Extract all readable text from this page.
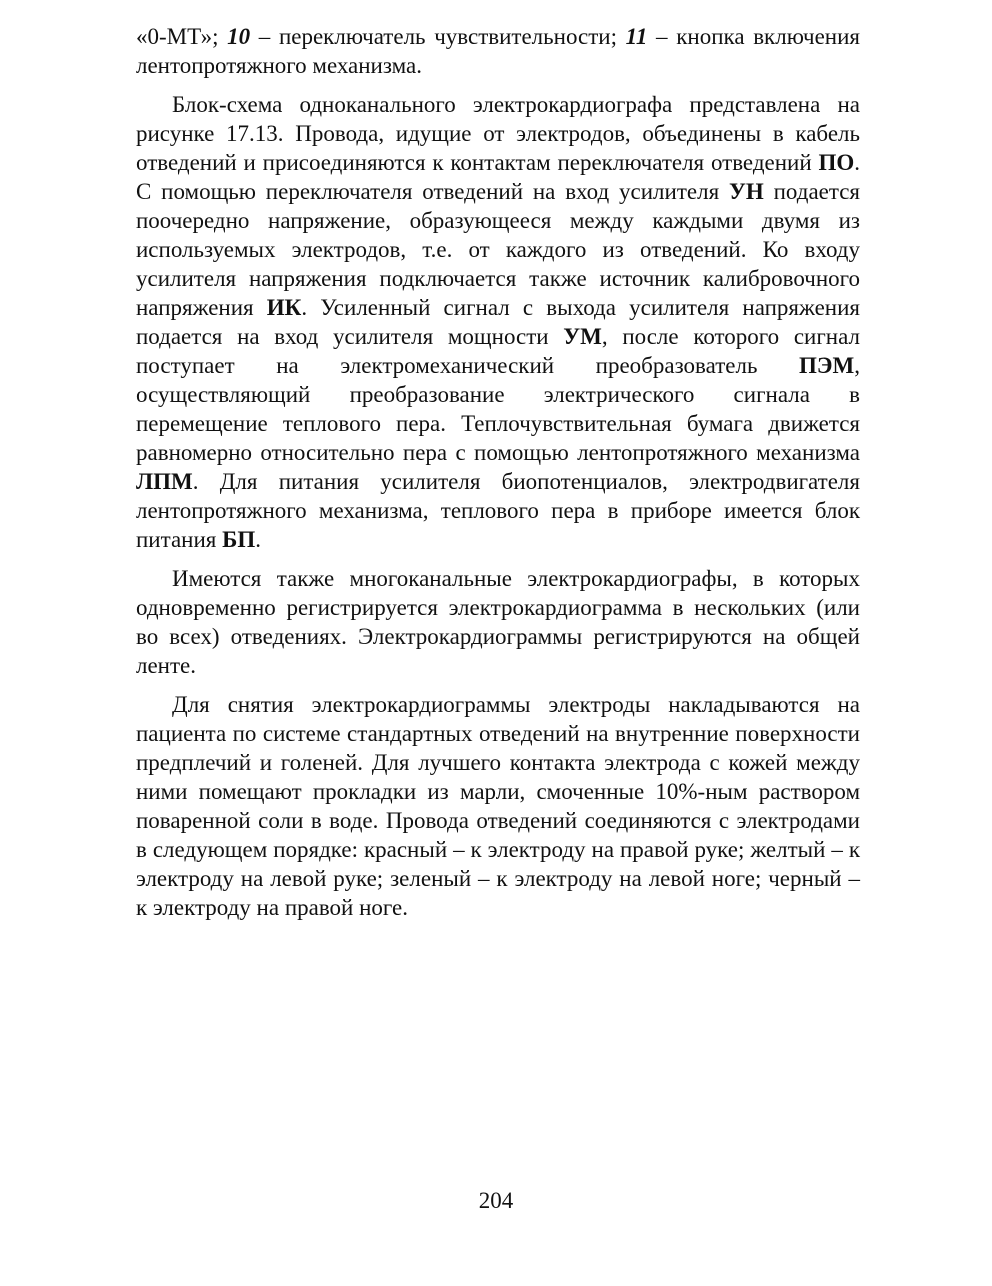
«0-МТ»; 10 – переключатель чувствительности; 11 – кнопка включения лентопротяжного механизма.

Блок-схема одноканального электрокардиографа представлена на рисунке 17.13. Провода, идущие от электродов, объединены в кабель отведений и присоединяются к контактам переключателя отведений ПО. С помощью переключателя отведений на вход усилителя УН подается поочередно напряжение, образующееся между каждыми двумя из используемых электродов, т.е. от каждого из отведений. Ко входу усилителя напряжения подключается также источник калибровочного напряжения ИК. Усиленный сигнал с выхода усилителя напряжения подается на вход усилителя мощности УМ, после которого сигнал поступает на электромеханический преобразователь ПЭМ, осуществляющий преобразование электрического сигнала в перемещение теплового пера. Теплочувствительная бумага движется равномерно относительно пера с помощью лентопротяжного механизма ЛПМ. Для питания усилителя биопотенциалов, электродвигателя лентопротяжного механизма, теплового пера в приборе имеется блок питания БП.

Имеются также многоканальные электрокардиографы, в которых одновременно регистрируется электрокардиограмма в нескольких (или во всех) отведениях. Электрокардиограммы регистрируются на общей ленте.

Для снятия электрокардиограммы электроды накладываются на пациента по системе стандартных отведений на внутренние поверхности предплечий и голеней. Для лучшего контакта электрода с кожей между ними помещают прокладки из марли, смоченные 10%-ным раствором поваренной соли в воде. Провода отведений соединяются с электродами в следующем порядке: красный – к электроду на правой руке; желтый – к электроду на левой руке; зеленый – к электроду на левой ноге; черный – к электроду на правой ноге.

204
